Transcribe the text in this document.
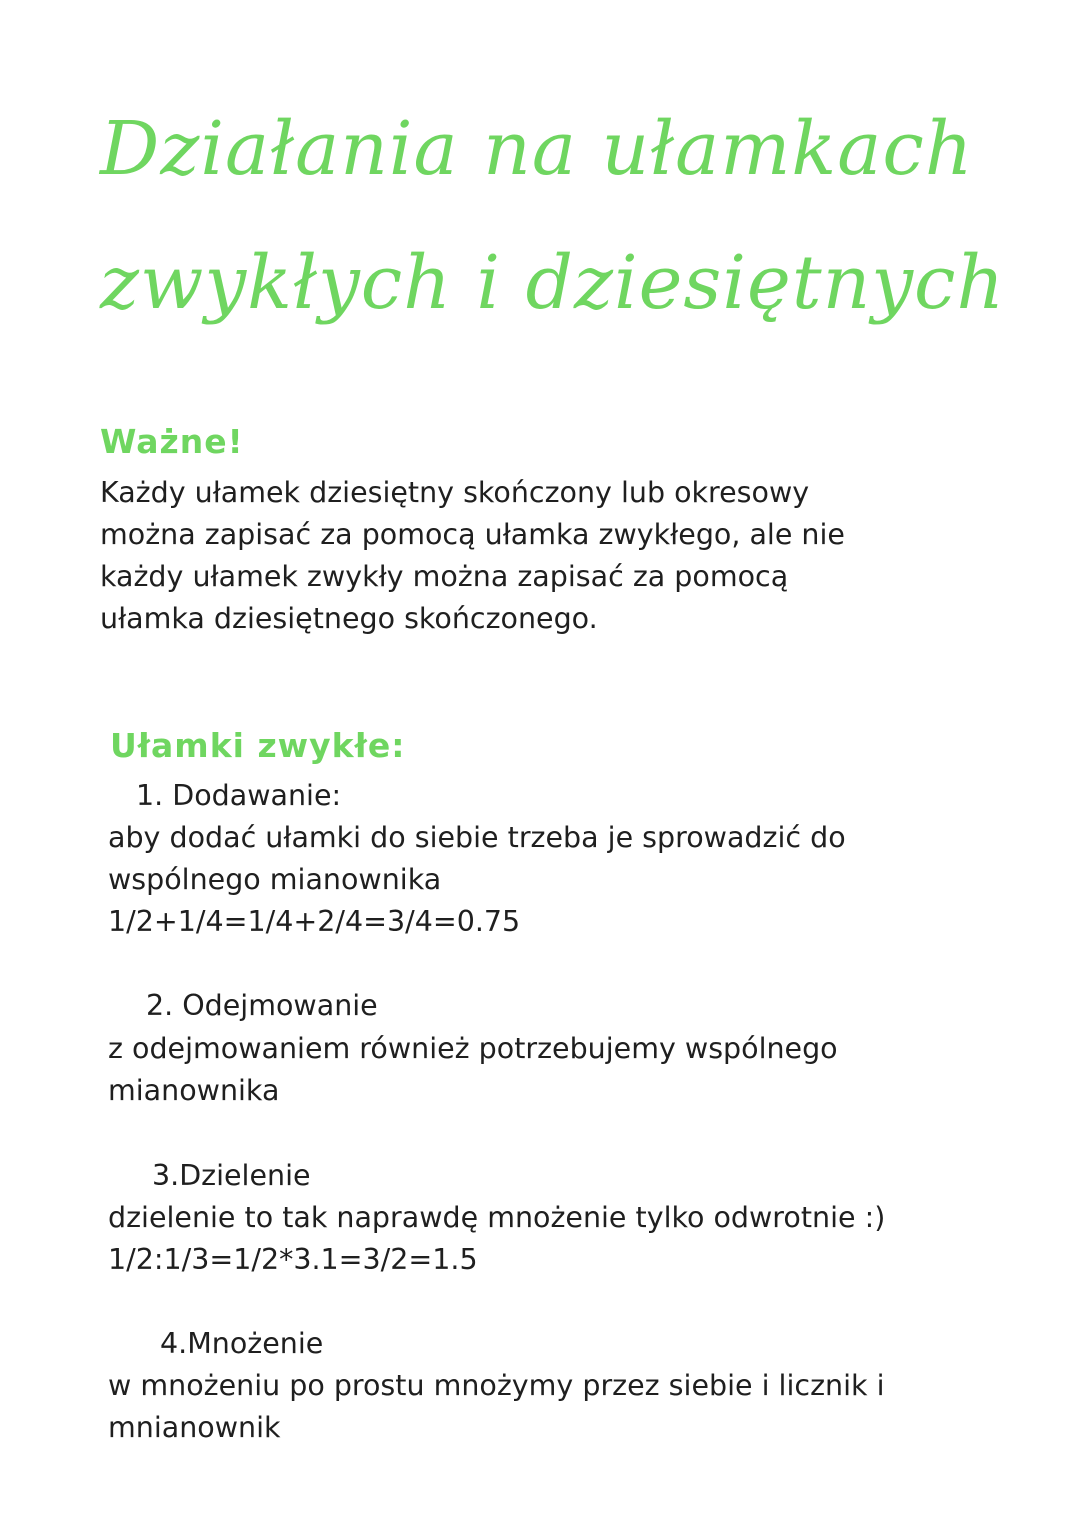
Działania na ułamkach
zwykłych i dziesiętnych
Ważne!

Każdy ułamek dziesiętny skończony lub okresowy

można zapisać za pomocą ułamka zwykłego, ale nie

każdy ułamek zwykły można zapisać za pomocą

ułamka dziesiętnego skończonego.

Ułamki zwykłe:

1. Dodawanie:

aby dodać ułamki do siebie trzeba je sprowadzić do

wspólnego mianownika

1/2+1/4=1/4+2/4=3/4=0.75

2. Odejmowanie

z odejmowaniem również potrzebujemy wspólnego

mianownika

3.Dzielenie

dzielenie to tak naprawdę mnożenie tylko odwrotnie :)

1/2:1/3=1/2*3.1=3/2=1.5

4.Mnożenie

w mnożeniu po prostu mnożymy przez siebie i licznik i

mnianownik
